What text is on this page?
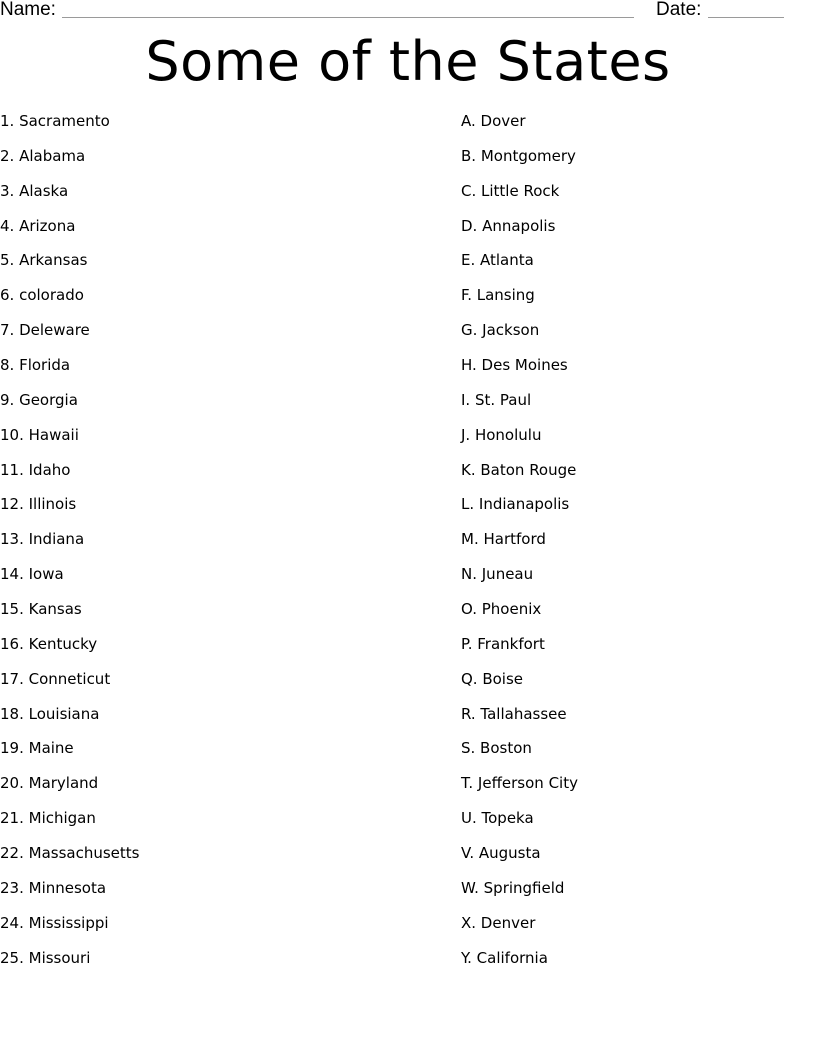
Name:	Date:
Some of the States
1. Sacramento
2. Alabama
3. Alaska
4. Arizona
5. Arkansas
6. colorado
7. Deleware
8. Florida
9. Georgia
10. Hawaii
11. Idaho
12. Illinois
13. Indiana
14. Iowa
15. Kansas
16. Kentucky
17. Conneticut
18. Louisiana
19. Maine
20. Maryland
21. Michigan
22. Massachusetts
23. Minnesota
24. Mississippi
25. Missouri
A. Dover
B. Montgomery
C. Little Rock
D. Annapolis
E. Atlanta
F. Lansing
G. Jackson
H. Des Moines
I. St. Paul
J. Honolulu
K. Baton Rouge
L. Indianapolis
M. Hartford
N. Juneau
O. Phoenix
P. Frankfort
Q. Boise
R. Tallahassee
S. Boston
T. Jefferson City
U. Topeka
V. Augusta
W. Springfield
X. Denver
Y. California
